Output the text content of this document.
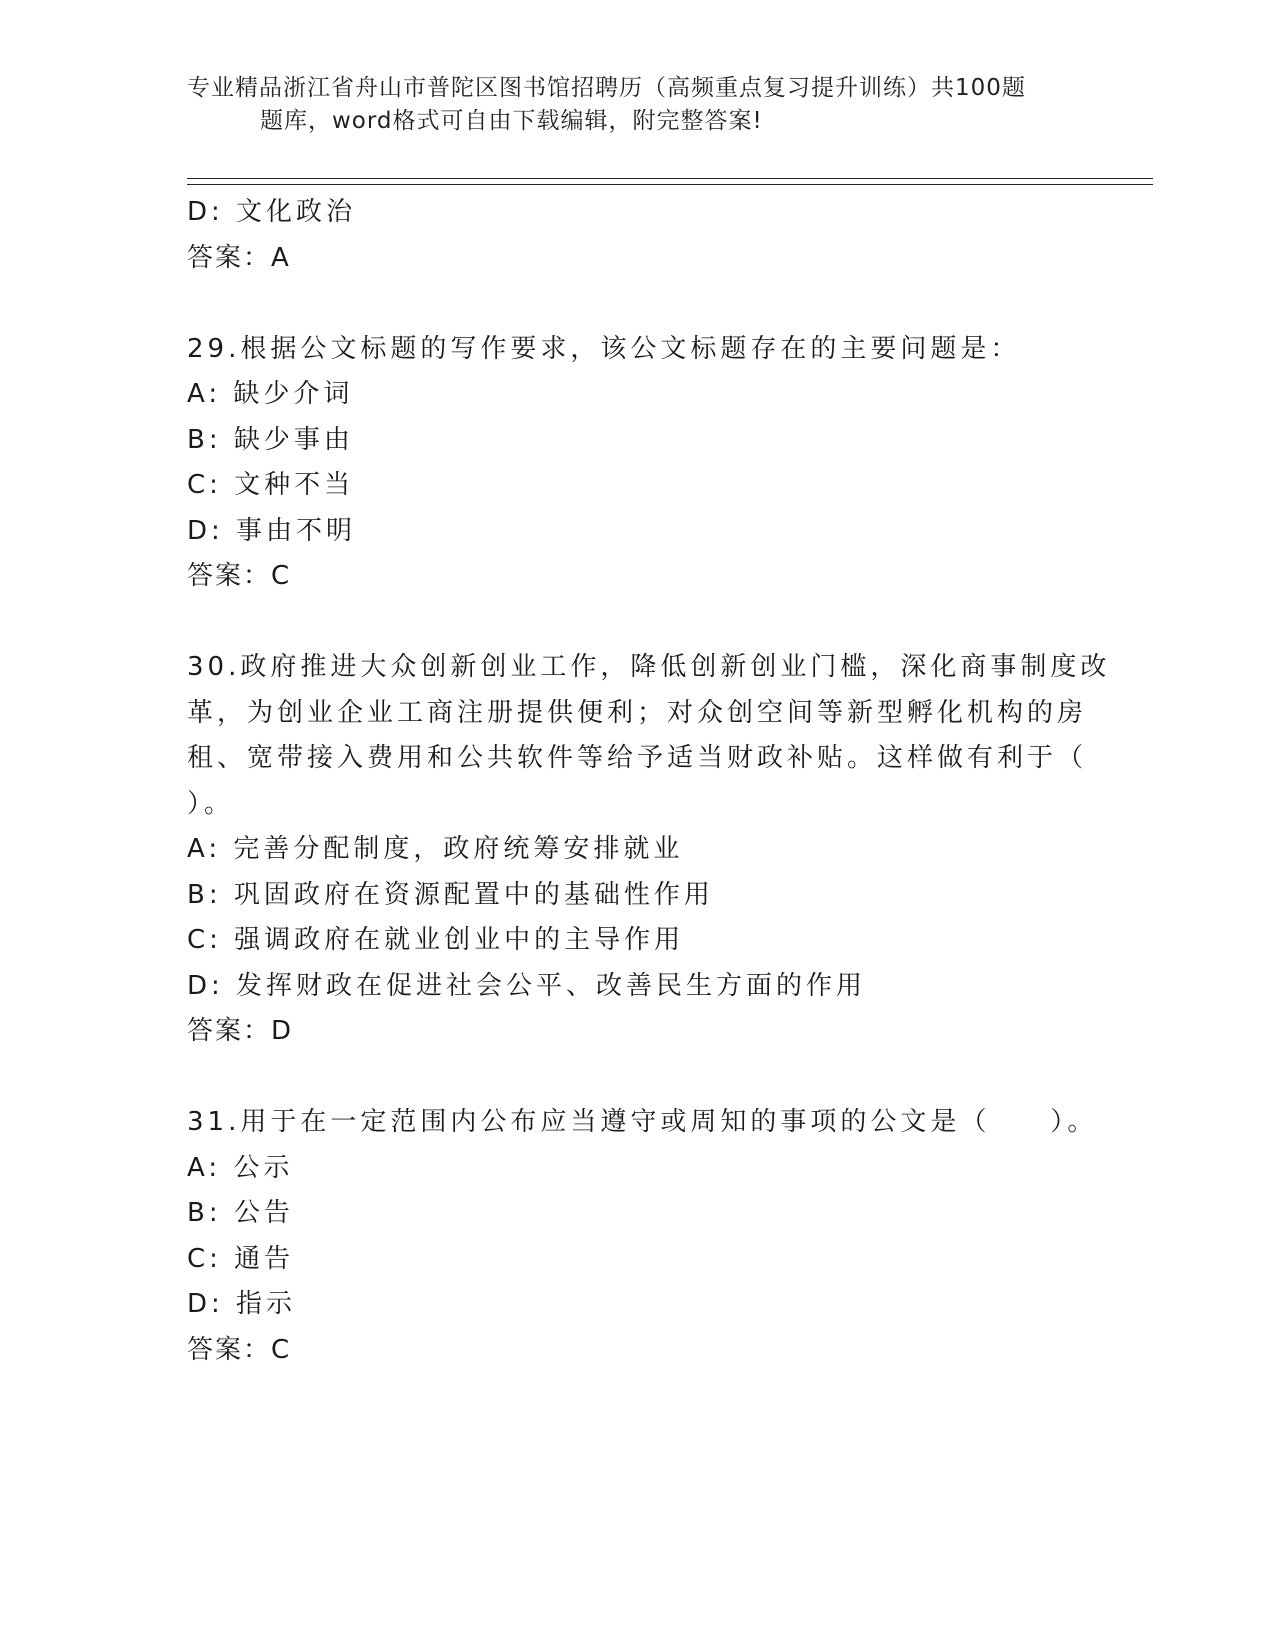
专业精品浙江省舟山市普陀区图书馆招聘历（高频重点复习提升训练）共100题
题库，word格式可自由下载编辑，附完整答案!
D: 文化政治
答案：A
29.根据公文标题的写作要求，该公文标题存在的主要问题是：
A: 缺少介词
B: 缺少事由
C: 文种不当
D: 事由不明
答案：C
30.政府推进大众创新创业工作，降低创新创业门槛，深化商事制度改
革，为创业企业工商注册提供便利；对众创空间等新型孵化机构的房
租、宽带接入费用和公共软件等给予适当财政补贴。这样做有利于（
）。
A: 完善分配制度，政府统筹安排就业
B: 巩固政府在资源配置中的基础性作用
C: 强调政府在就业创业中的主导作用
D: 发挥财政在促进社会公平、改善民生方面的作用
答案：D
31.用于在一定范围内公布应当遵守或周知的事项的公文是（　　）。
A: 公示
B: 公告
C: 通告
D: 指示
答案：C
